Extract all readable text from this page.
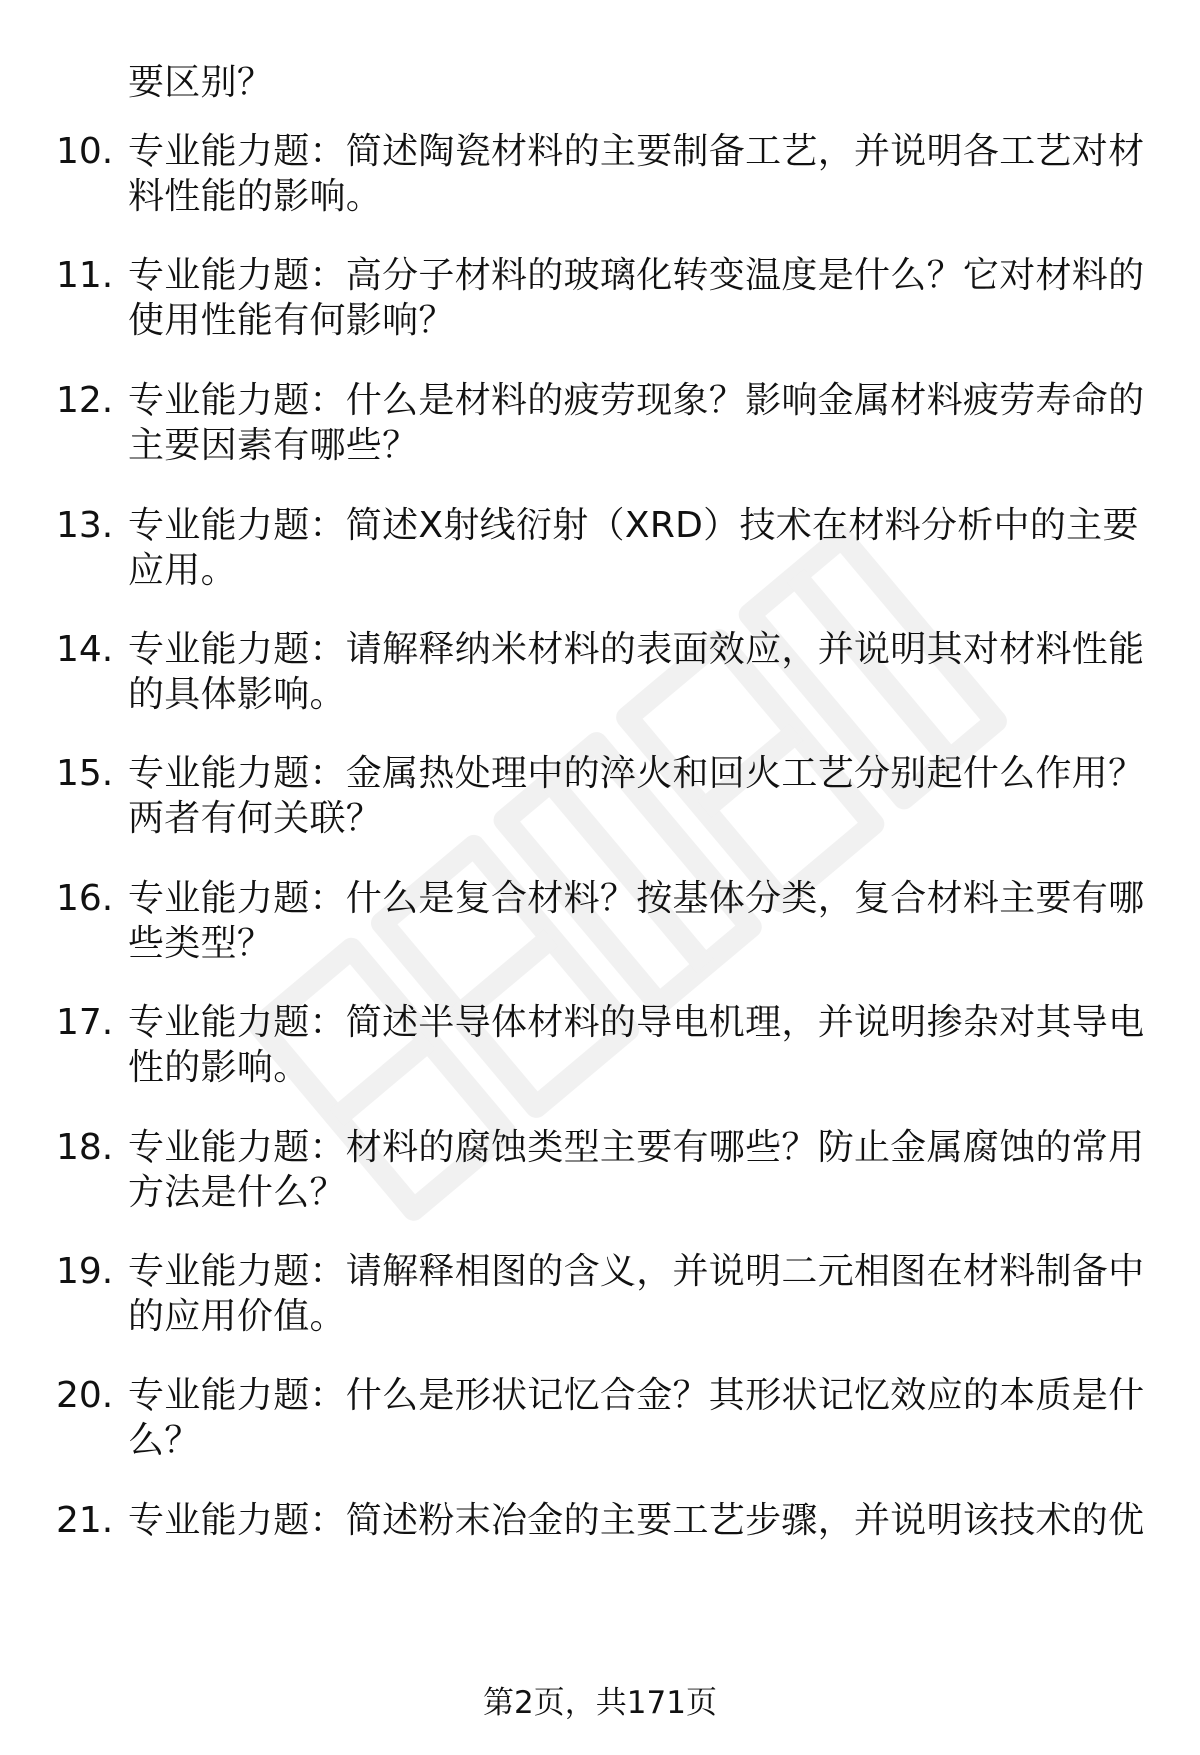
要区别？
10. 专业能力题：简述陶瓷材料的主要制备工艺，并说明各工艺对材
料性能的影响。
11. 专业能力题：高分子材料的玻璃化转变温度是什么？它对材料的
使用性能有何影响？
12. 专业能力题：什么是材料的疲劳现象？影响金属材料疲劳寿命的
主要因素有哪些？
13. 专业能力题：简述X射线衍射（XRD）技术在材料分析中的主要
应用。
14. 专业能力题：请解释纳米材料的表面效应，并说明其对材料性能
的具体影响。
15. 专业能力题：金属热处理中的淬火和回火工艺分别起什么作用？
两者有何关联？
16. 专业能力题：什么是复合材料？按基体分类，复合材料主要有哪
些类型？
17. 专业能力题：简述半导体材料的导电机理，并说明掺杂对其导电
性的影响。
18. 专业能力题：材料的腐蚀类型主要有哪些？防止金属腐蚀的常用
方法是什么？
19. 专业能力题：请解释相图的含义，并说明二元相图在材料制备中
的应用价值。
20. 专业能力题：什么是形状记忆合金？其形状记忆效应的本质是什
么？
21. 专业能力题：简述粉末冶金的主要工艺步骤，并说明该技术的优
第2页，共171页
